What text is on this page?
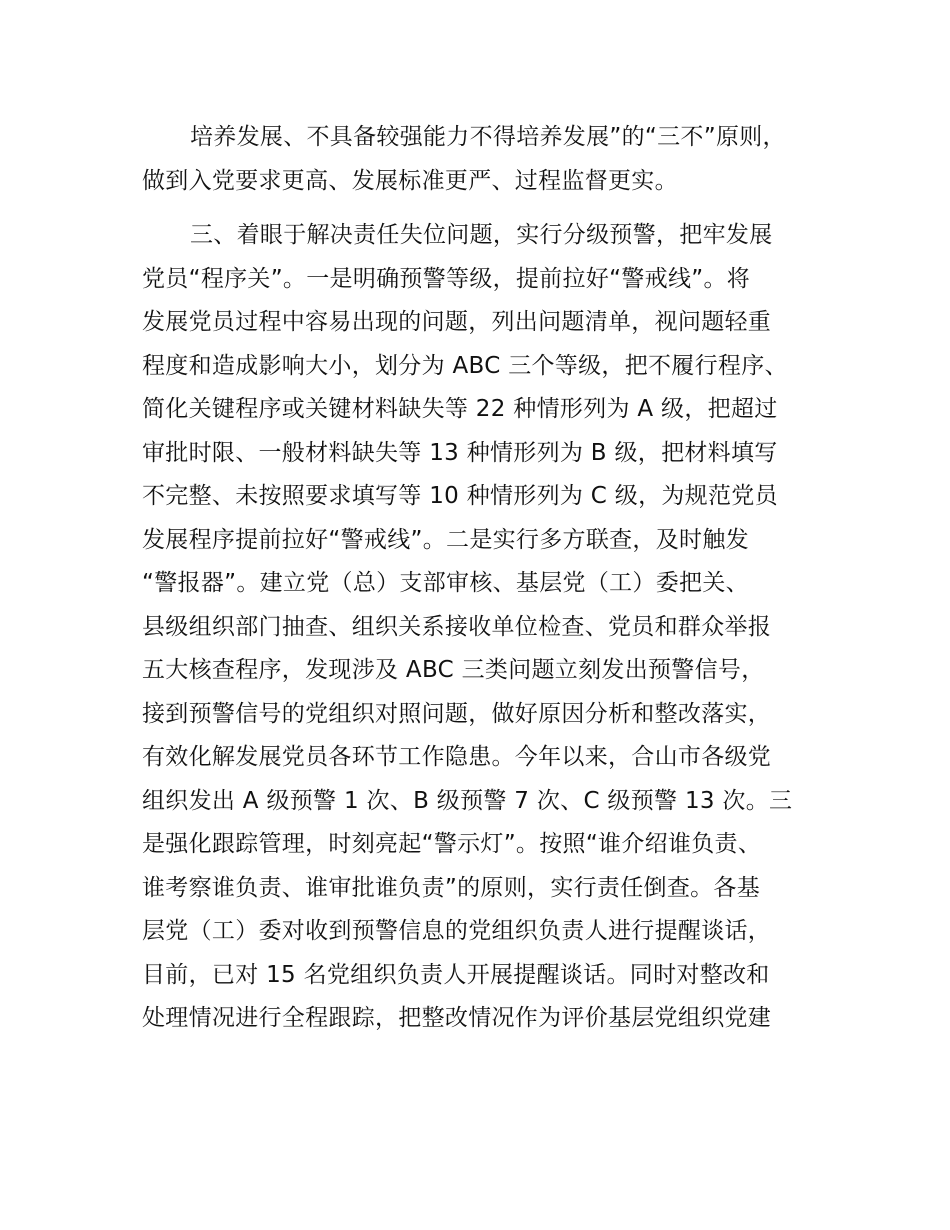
培养发展、不具备较强能力不得培养发展”的“三不”原则，
做到入党要求更高、发展标准更严、过程监督更实。
三、着眼于解决责任失位问题，实行分级预警，把牢发展
党员“程序关”。一是明确预警等级，提前拉好“警戒线”。将
发展党员过程中容易出现的问题，列出问题清单，视问题轻重
程度和造成影响大小，划分为 ABC 三个等级，把不履行程序、
简化关键程序或关键材料缺失等 22 种情形列为 A 级，把超过
审批时限、一般材料缺失等 13 种情形列为 B 级，把材料填写
不完整、未按照要求填写等 10 种情形列为 C 级，为规范党员
发展程序提前拉好“警戒线”。二是实行多方联查，及时触发
“警报器”。建立党（总）支部审核、基层党（工）委把关、
县级组织部门抽查、组织关系接收单位检查、党员和群众举报
五大核查程序，发现涉及 ABC 三类问题立刻发出预警信号，
接到预警信号的党组织对照问题，做好原因分析和整改落实，
有效化解发展党员各环节工作隐患。今年以来，合山市各级党
组织发出 A 级预警 1 次、B 级预警 7 次、C 级预警 13 次。三
是强化跟踪管理，时刻亮起“警示灯”。按照“谁介绍谁负责、
谁考察谁负责、谁审批谁负责”的原则，实行责任倒查。各基
层党（工）委对收到预警信息的党组织负责人进行提醒谈话，
目前，已对 15 名党组织负责人开展提醒谈话。同时对整改和
处理情况进行全程跟踪，把整改情况作为评价基层党组织党建
